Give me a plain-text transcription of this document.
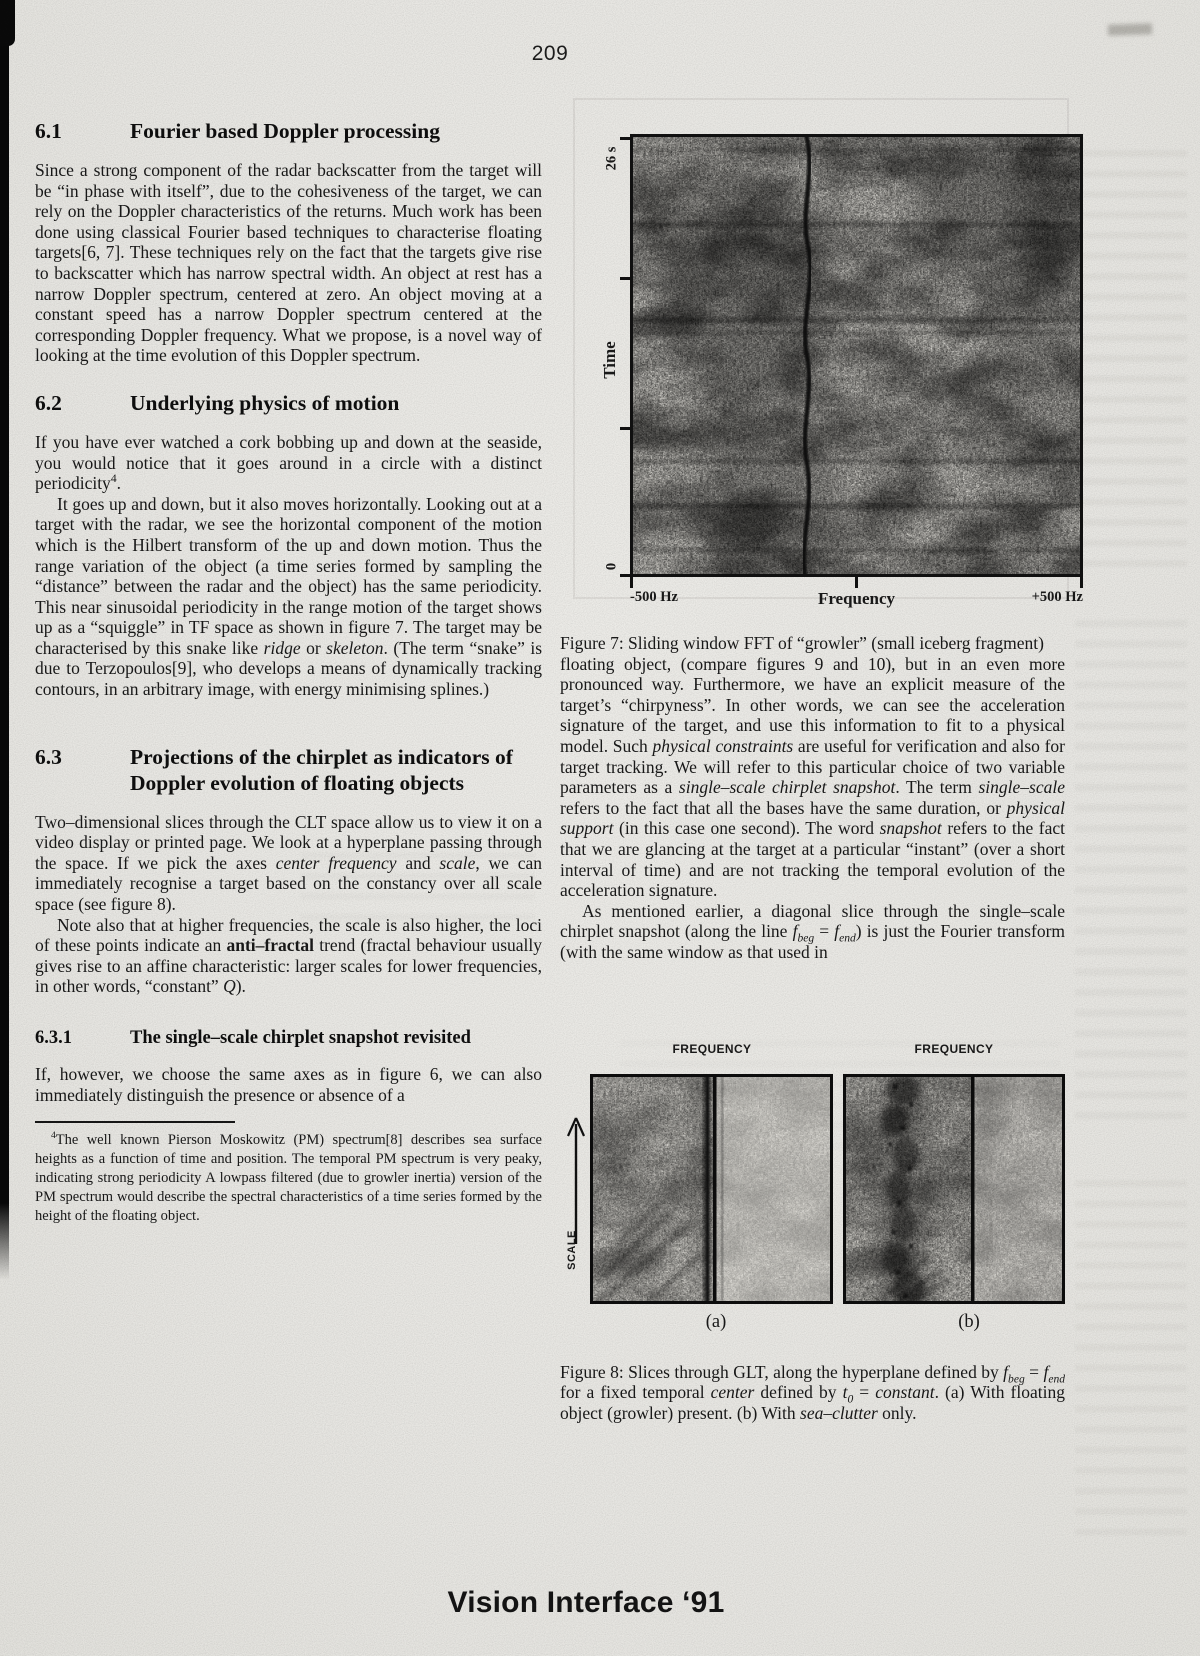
209
6.1	Fourier based Doppler processing

Since a strong component of the radar backscatter from the target will be “in phase with itself”, due to the cohesiveness of the target, we can rely on the Doppler characteristics of the returns. Much work has been done using classical Fourier based techniques to characterise floating targets[6, 7]. These techniques rely on the fact that the targets give rise to backscatter which has narrow spectral width. An object at rest has a narrow Doppler spectrum, centered at zero. An object moving at a constant speed has a narrow Doppler spectrum centered at the corresponding Doppler frequency. What we propose, is a novel way of looking at the time evolution of this Doppler spectrum.

6.2	Underlying physics of motion

If you have ever watched a cork bobbing up and down at the seaside, you would notice that it goes around in a circle with a distinct periodicity$^4$.

It goes up and down, but it also moves horizontally. Looking out at a target with the radar, we see the horizontal component of the motion which is the Hilbert transform of the up and down motion. Thus the range variation of the object (a time series formed by sampling the “distance” between the radar and the object) has the same periodicity. This near sinusoidal periodicity in the range motion of the target shows up as a “squiggle” in TF space as shown in figure 7. The target may be characterised by this snake like ridge or skeleton. (The term “snake” is due to Terzopoulos[9], who develops a means of dynamically tracking contours, in an arbitrary image, with energy minimising splines.)

6.3	Projections of the chirplet as indicators of Doppler evolution of floating objects

Two–dimensional slices through the CLT space allow us to view it on a video display or printed page. We look at a hyperplane passing through the space. If we pick the axes center frequency and scale, we can immediately recognise a target based on the constancy over all scale space (see figure 8).

Note also that at higher frequencies, the scale is also higher, the loci of these points indicate an anti–fractal trend (fractal behaviour usually gives rise to an affine characteristic: larger scales for lower frequencies, in other words, “constant” Q).

6.3.1	The single–scale chirplet snapshot revisited

If, however, we choose the same axes as in figure 6, we can also immediately distinguish the presence or absence of a

$^4$The well known Pierson Moskowitz (PM) spectrum[8] describes sea surface heights as a function of time and position. The temporal PM spectrum is very peaky, indicating strong periodicity A lowpass filtered (due to growler inertia) version of the PM spectrum would describe the spectral characteristics of a time series formed by the height of the floating object.

26 s
Time
0
-500 Hz	Frequency	+500 Hz
Figure 7: Sliding window FFT of “growler” (small iceberg fragment)

floating object, (compare figures 9 and 10), but in an even more pronounced way. Furthermore, we have an explicit measure of the target’s “chirpyness”. In other words, we can see the acceleration signature of the target, and use this information to fit to a physical model. Such physical constraints are useful for verification and also for target tracking. We will refer to this particular choice of two variable parameters as a single–scale chirplet snapshot. The term single–scale refers to the fact that all the bases have the same duration, or physical support (in this case one second). The word snapshot refers to the fact that we are glancing at the target at a particular “instant” (over a short interval of time) and are not tracking the temporal evolution of the acceleration signature.

As mentioned earlier, a diagonal slice through the single–scale chirplet snapshot (along the line $f_{beg} = f_{end}$) is just the Fourier transform (with the same window as that used in

FREQUENCY	FREQUENCY
SCALE
(a)	(b)
Figure 8: Slices through GLT, along the hyperplane defined by $f_{beg} = f_{end}$ for a fixed temporal center defined by $t_0$ = constant. (a) With floating object (growler) present. (b) With sea–clutter only.
Vision Interface ‘91
